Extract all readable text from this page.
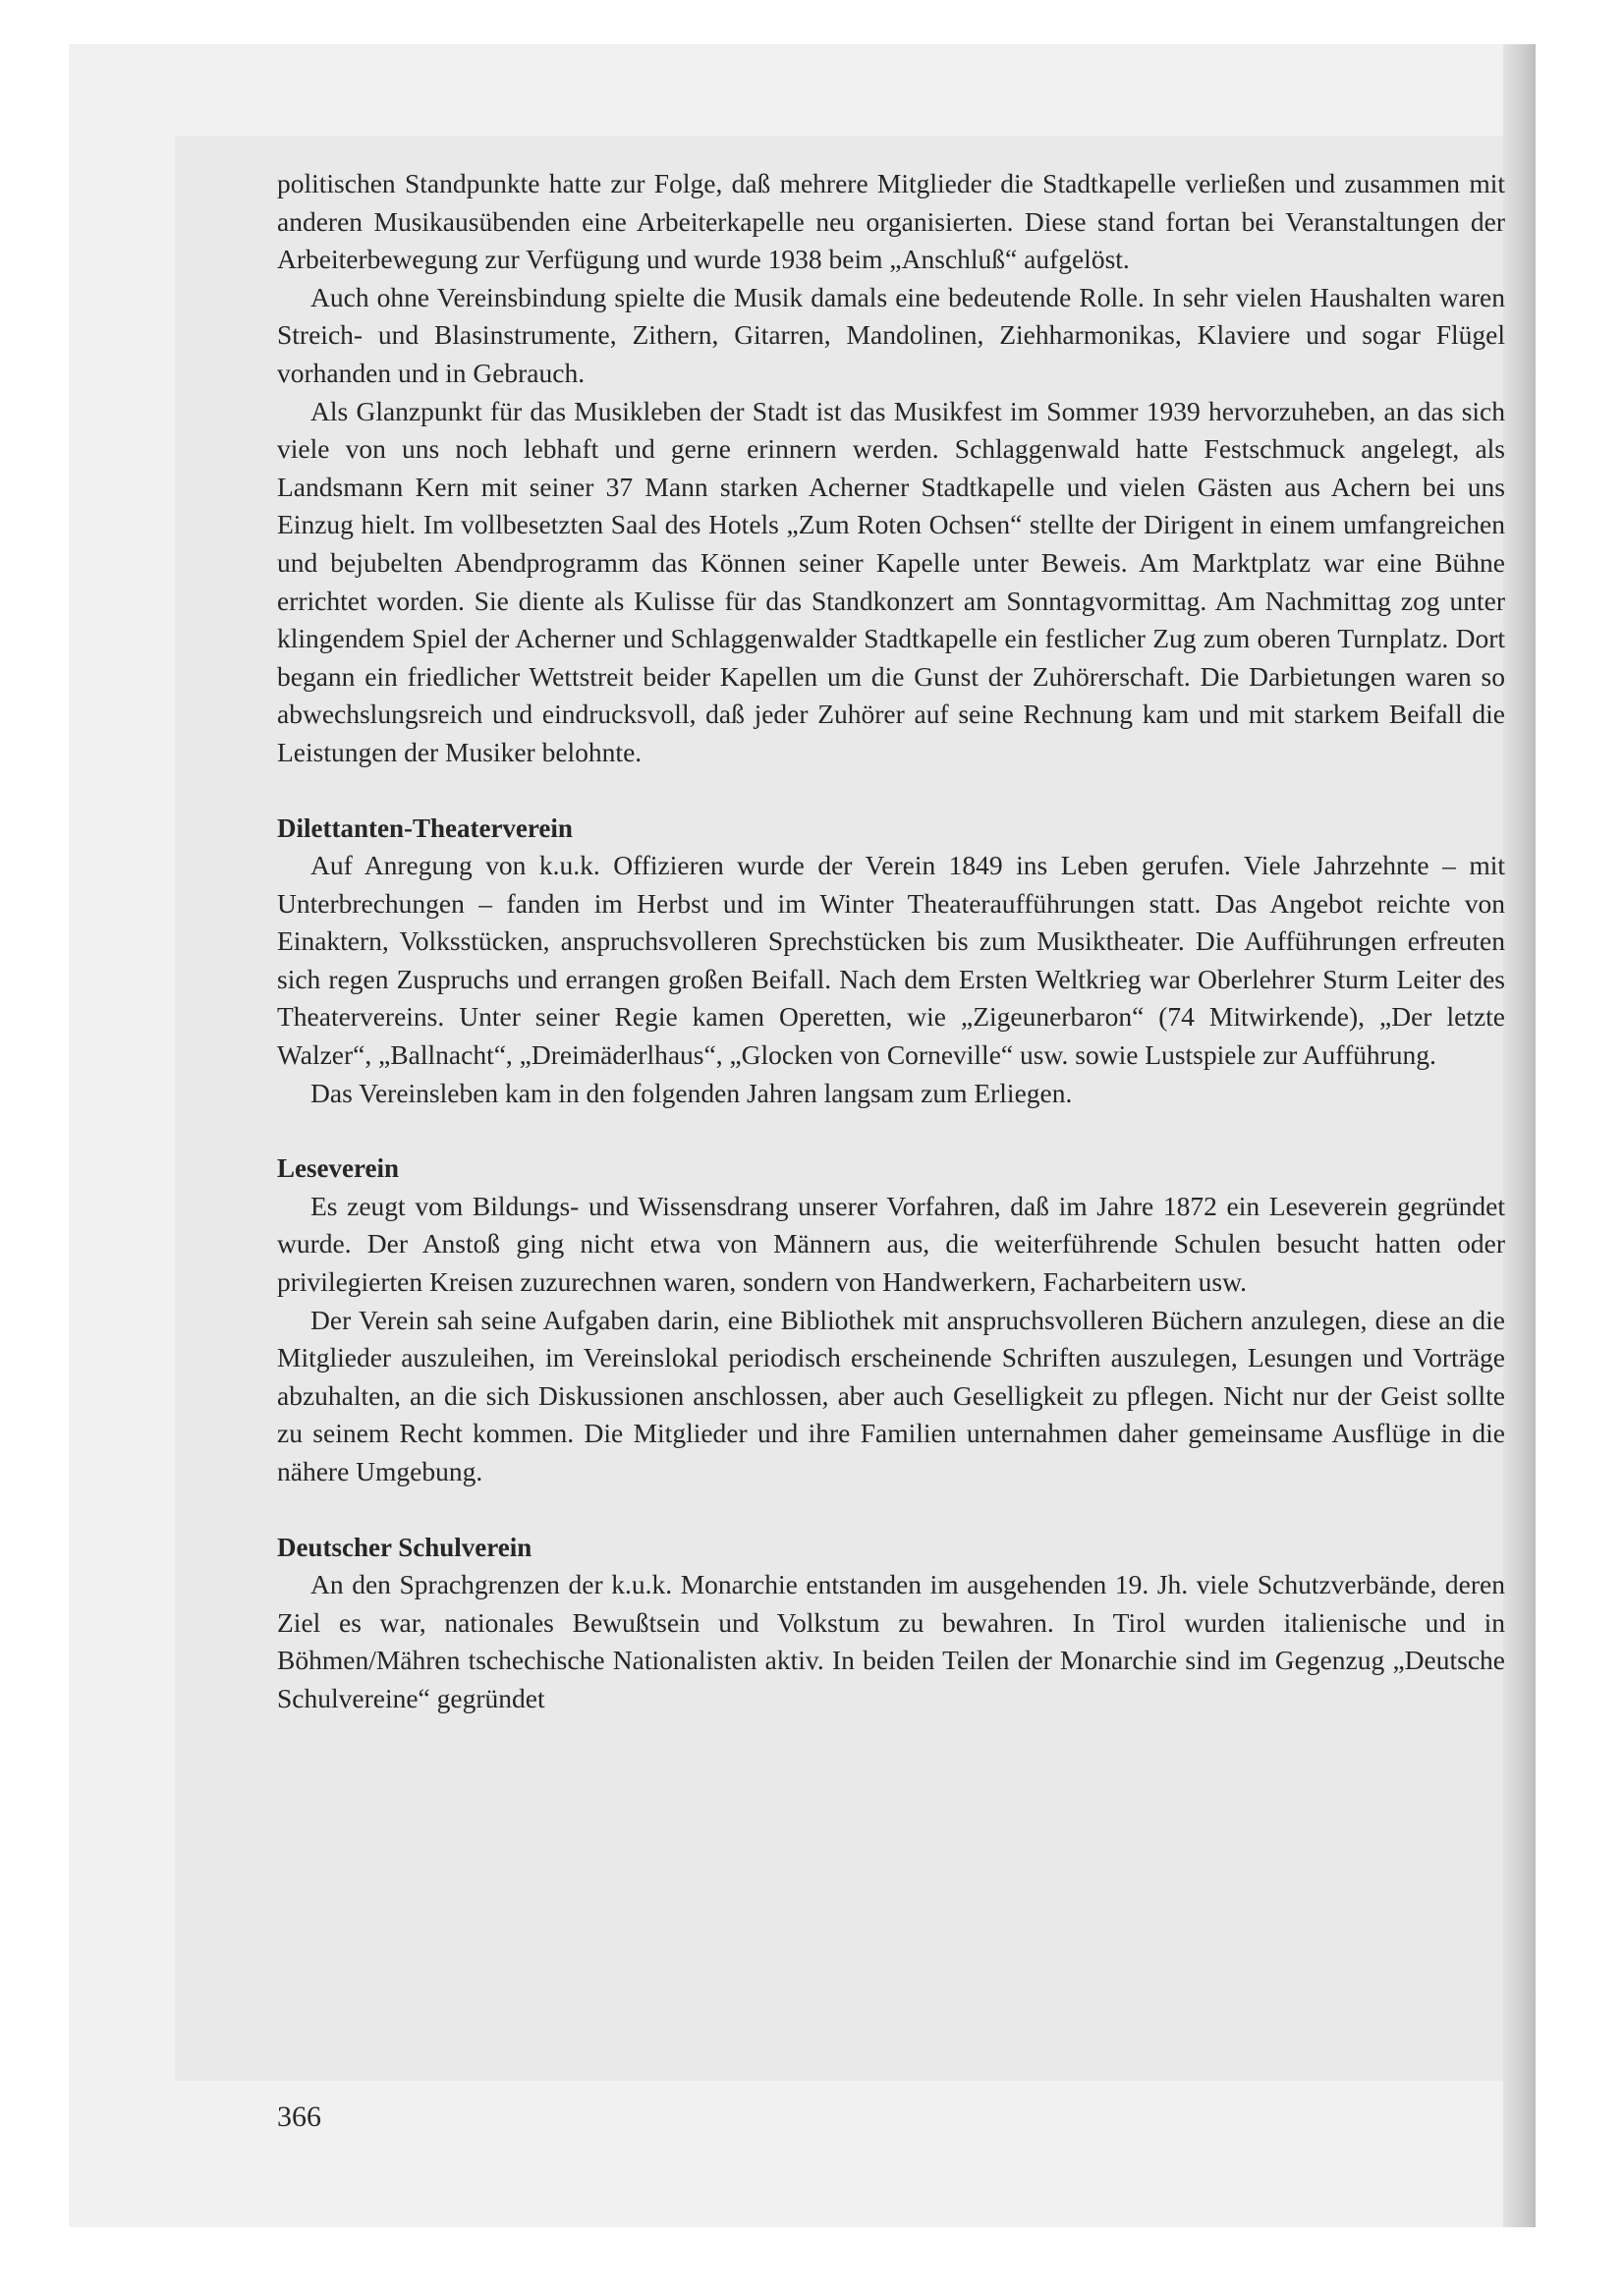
politischen Standpunkte hatte zur Folge, daß mehrere Mitglieder die Stadtkapelle verließen und zusammen mit anderen Musikausübenden eine Arbeiterkapelle neu organisierten. Diese stand fortan bei Veranstaltungen der Arbeiterbewegung zur Verfügung und wurde 1938 beim „Anschluß“ aufgelöst.

Auch ohne Vereinsbindung spielte die Musik damals eine bedeutende Rolle. In sehr vielen Haushalten waren Streich- und Blasinstrumente, Zithern, Gitarren, Mandolinen, Ziehharmonikas, Klaviere und sogar Flügel vorhanden und in Gebrauch.

Als Glanzpunkt für das Musikleben der Stadt ist das Musikfest im Sommer 1939 hervorzuheben, an das sich viele von uns noch lebhaft und gerne erinnern werden. Schlaggenwald hatte Festschmuck angelegt, als Landsmann Kern mit seiner 37 Mann starken Acherner Stadtkapelle und vielen Gästen aus Achern bei uns Einzug hielt. Im vollbesetzten Saal des Hotels „Zum Roten Ochsen“ stellte der Dirigent in einem umfangreichen und bejubelten Abendprogramm das Können seiner Kapelle unter Beweis. Am Marktplatz war eine Bühne errichtet worden. Sie diente als Kulisse für das Standkonzert am Sonntagvormittag. Am Nachmittag zog unter klingendem Spiel der Acherner und Schlaggenwalder Stadtkapelle ein festlicher Zug zum oberen Turnplatz. Dort begann ein friedlicher Wettstreit beider Kapellen um die Gunst der Zuhörerschaft. Die Darbietungen waren so abwechslungsreich und eindrucksvoll, daß jeder Zuhörer auf seine Rechnung kam und mit starkem Beifall die Leistungen der Musiker belohnte.

Dilettanten-Theaterverein

Auf Anregung von k.u.k. Offizieren wurde der Verein 1849 ins Leben gerufen. Viele Jahrzehnte – mit Unterbrechungen – fanden im Herbst und im Winter Theateraufführungen statt. Das Angebot reichte von Einaktern, Volksstücken, anspruchsvolleren Sprechstücken bis zum Musiktheater. Die Aufführungen erfreuten sich regen Zuspruchs und errangen großen Beifall. Nach dem Ersten Weltkrieg war Oberlehrer Sturm Leiter des Theatervereins. Unter seiner Regie kamen Operetten, wie „Zigeunerbaron“ (74 Mitwirkende), „Der letzte Walzer“, „Ballnacht“, „Dreimäderlhaus“, „Glocken von Corneville“ usw. sowie Lustspiele zur Aufführung.

Das Vereinsleben kam in den folgenden Jahren langsam zum Erliegen.

Leseverein

Es zeugt vom Bildungs- und Wissensdrang unserer Vorfahren, daß im Jahre 1872 ein Leseverein gegründet wurde. Der Anstoß ging nicht etwa von Männern aus, die weiterführende Schulen besucht hatten oder privilegierten Kreisen zuzurechnen waren, sondern von Handwerkern, Facharbeitern usw.

Der Verein sah seine Aufgaben darin, eine Bibliothek mit anspruchsvolleren Büchern anzulegen, diese an die Mitglieder auszuleihen, im Vereinslokal periodisch erscheinende Schriften auszulegen, Lesungen und Vorträge abzuhalten, an die sich Diskussionen anschlossen, aber auch Geselligkeit zu pflegen. Nicht nur der Geist sollte zu seinem Recht kommen. Die Mitglieder und ihre Familien unternahmen daher gemeinsame Ausflüge in die nähere Umgebung.

Deutscher Schulverein

An den Sprachgrenzen der k.u.k. Monarchie entstanden im ausgehenden 19. Jh. viele Schutzverbände, deren Ziel es war, nationales Bewußtsein und Volkstum zu bewahren. In Tirol wurden italienische und in Böhmen/Mähren tschechische Nationalisten aktiv. In beiden Teilen der Monarchie sind im Gegenzug „Deutsche Schulvereine“ gegründet

366
